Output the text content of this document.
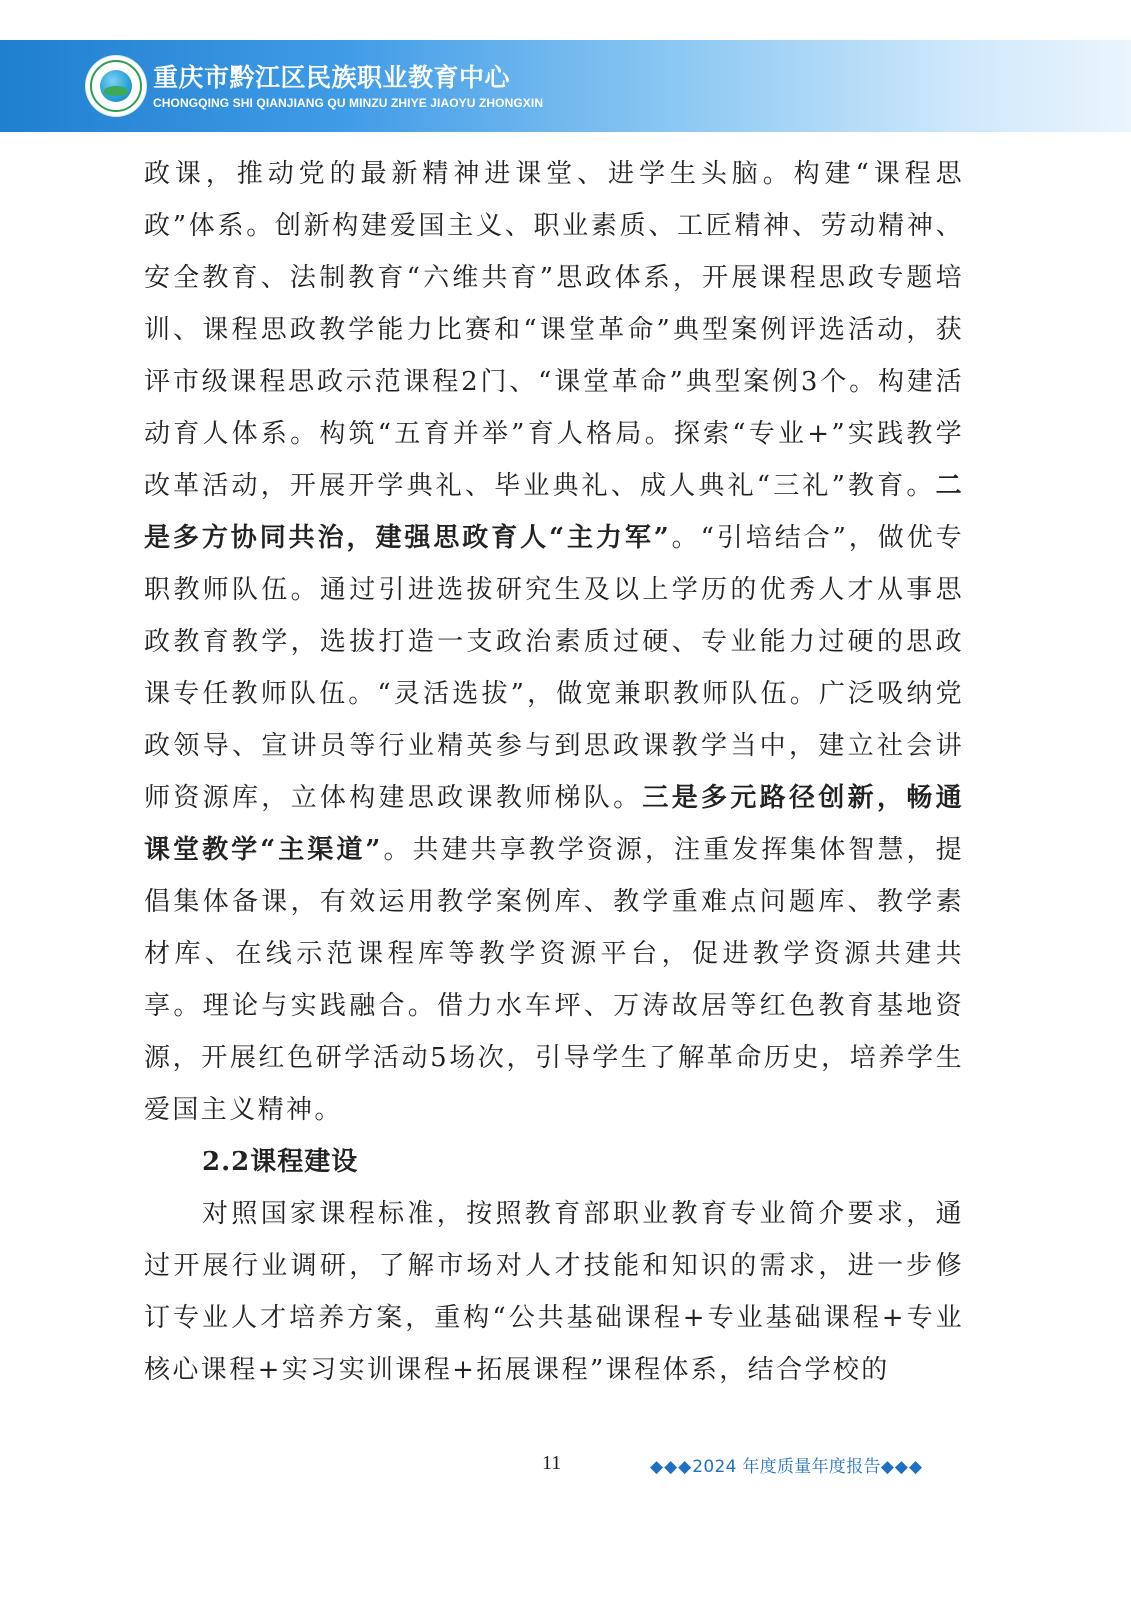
重庆市黔江区民族职业教育中心
CHONGQING SHI QIANJIANG QU MINZU ZHIYE JIAOYU ZHONGXIN

政课，推动党的最新精神进课堂、进学生头脑。构建“课程思政”体系。创新构建爱国主义、职业素质、工匠精神、劳动精神、安全教育、法制教育“六维共育”思政体系，开展课程思政专题培训、课程思政教学能力比赛和“课堂革命”典型案例评选活动，获评市级课程思政示范课程2门、“课堂革命”典型案例3个。构建活动育人体系。构筑“五育并举”育人格局。探索“专业+”实践教学改革活动，开展开学典礼、毕业典礼、成人典礼“三礼”教育。二是多方协同共治，建强思政育人“主力军”。“引培结合”，做优专职教师队伍。通过引进选拔研究生及以上学历的优秀人才从事思政教育教学，选拔打造一支政治素质过硬、专业能力过硬的思政课专任教师队伍。“灵活选拔”，做宽兼职教师队伍。广泛吸纳党政领导、宣讲员等行业精英参与到思政课教学当中，建立社会讲师资源库，立体构建思政课教师梯队。三是多元路径创新，畅通课堂教学“主渠道”。共建共享教学资源，注重发挥集体智慧，提倡集体备课，有效运用教学案例库、教学重难点问题库、教学素材库、在线示范课程库等教学资源平台，促进教学资源共建共享。理论与实践融合。借力水车坪、万涛故居等红色教育基地资源，开展红色研学活动5场次，引导学生了解革命历史，培养学生爱国主义精神。

2.2课程建设

对照国家课程标准，按照教育部职业教育专业简介要求，通过开展行业调研，了解市场对人才技能和知识的需求，进一步修订专业人才培养方案，重构“公共基础课程+专业基础课程+专业核心课程+实习实训课程+拓展课程”课程体系，结合学校的

11	◆◆◆2024 年度质量年度报告◆◆◆
